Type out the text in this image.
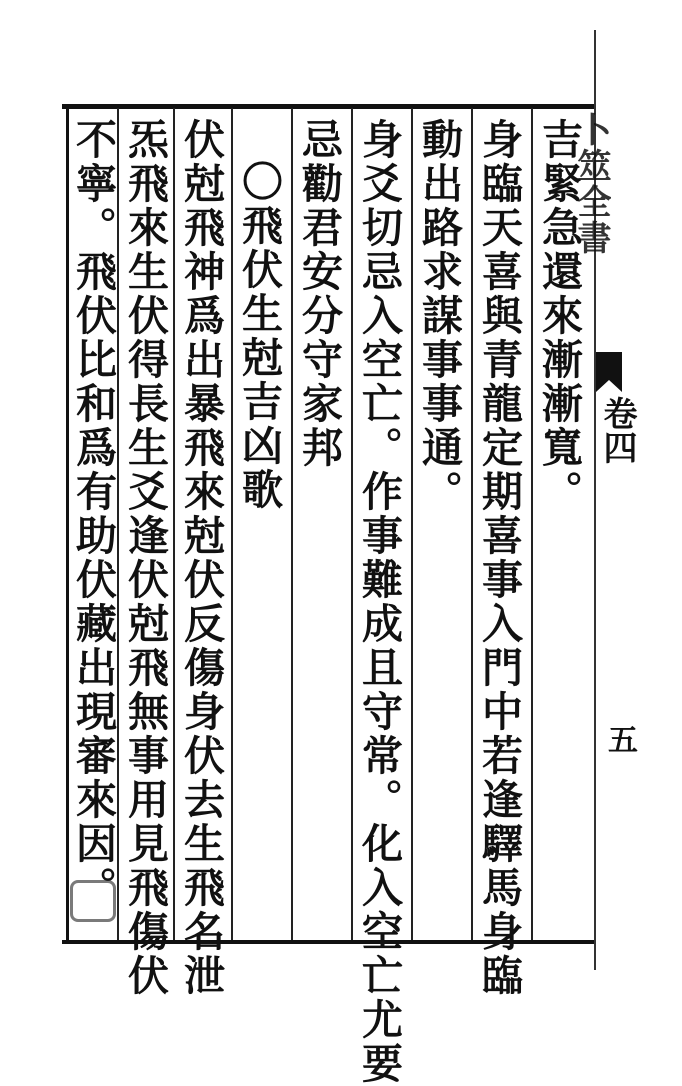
卜筮全書
卷四
五
吉緊急還來漸漸寬。
身臨天喜與青龍定期喜事入門中若逢驛馬身臨
動出路求謀事事通。
身爻切忌入空亡。作事難成且守常。化入空亡尤要
忌勸君安分守家邦
〇飛伏生尅吉凶歌
伏尅飛神爲出暴飛來尅伏反傷身伏去生飛名泄
炁飛來生伏得長生爻逢伏尅飛無事用見飛傷伏
不寧。飛伏比和爲有助伏藏出現審來因。
